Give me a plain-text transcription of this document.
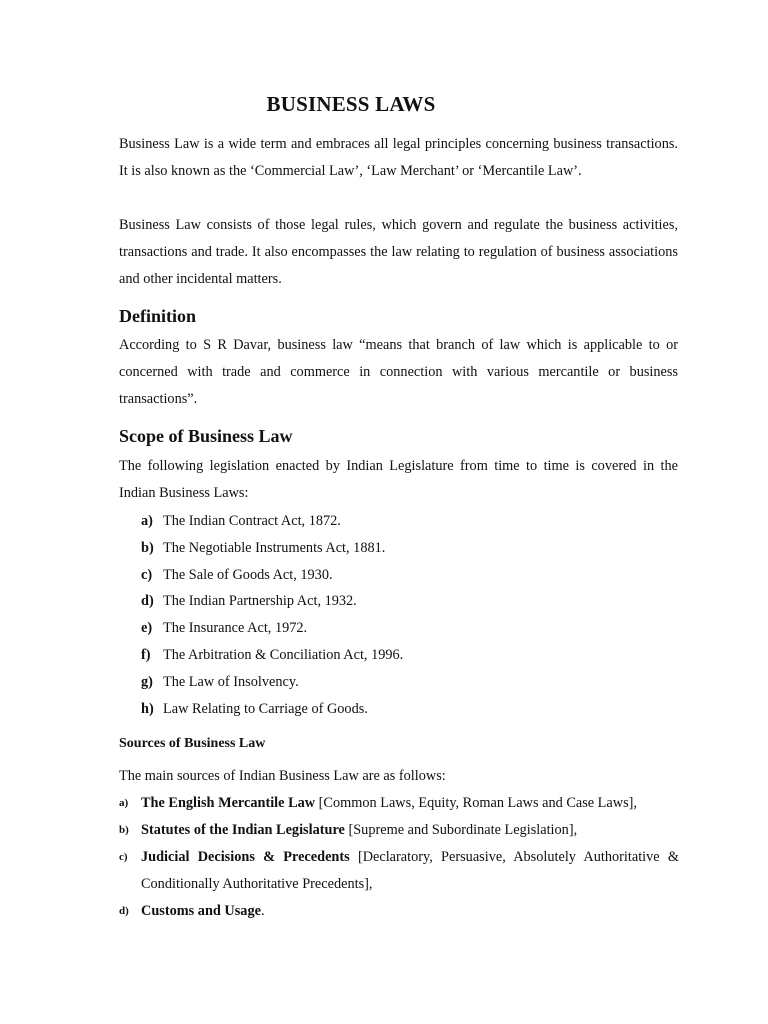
BUSINESS LAWS
Business Law is a wide term and embraces all legal principles concerning business transactions. It is also known as the ‘Commercial Law’, ‘Law Merchant’ or ‘Mercantile Law’.
Business Law consists of those legal rules, which govern and regulate the business activities, transactions and trade. It also encompasses the law relating to regulation of business associations and other incidental matters.
Definition
According to S R Davar, business law “means that branch of law which is applicable to or concerned with trade and commerce in connection with various mercantile or business transactions”.
Scope of Business Law
The following legislation enacted by Indian Legislature from time to time is covered in the Indian Business Laws:
a) The Indian Contract Act, 1872.
b) The Negotiable Instruments Act, 1881.
c) The Sale of Goods Act, 1930.
d) The Indian Partnership Act, 1932.
e) The Insurance Act, 1972.
f) The Arbitration & Conciliation Act, 1996.
g) The Law of Insolvency.
h) Law Relating to Carriage of Goods.
Sources of Business Law
The main sources of Indian Business Law are as follows:
a) The English Mercantile Law [Common Laws, Equity, Roman Laws and Case Laws],
b) Statutes of the Indian Legislature [Supreme and Subordinate Legislation],
c) Judicial Decisions & Precedents [Declaratory, Persuasive, Absolutely Authoritative & Conditionally Authoritative Precedents],
d) Customs and Usage.
